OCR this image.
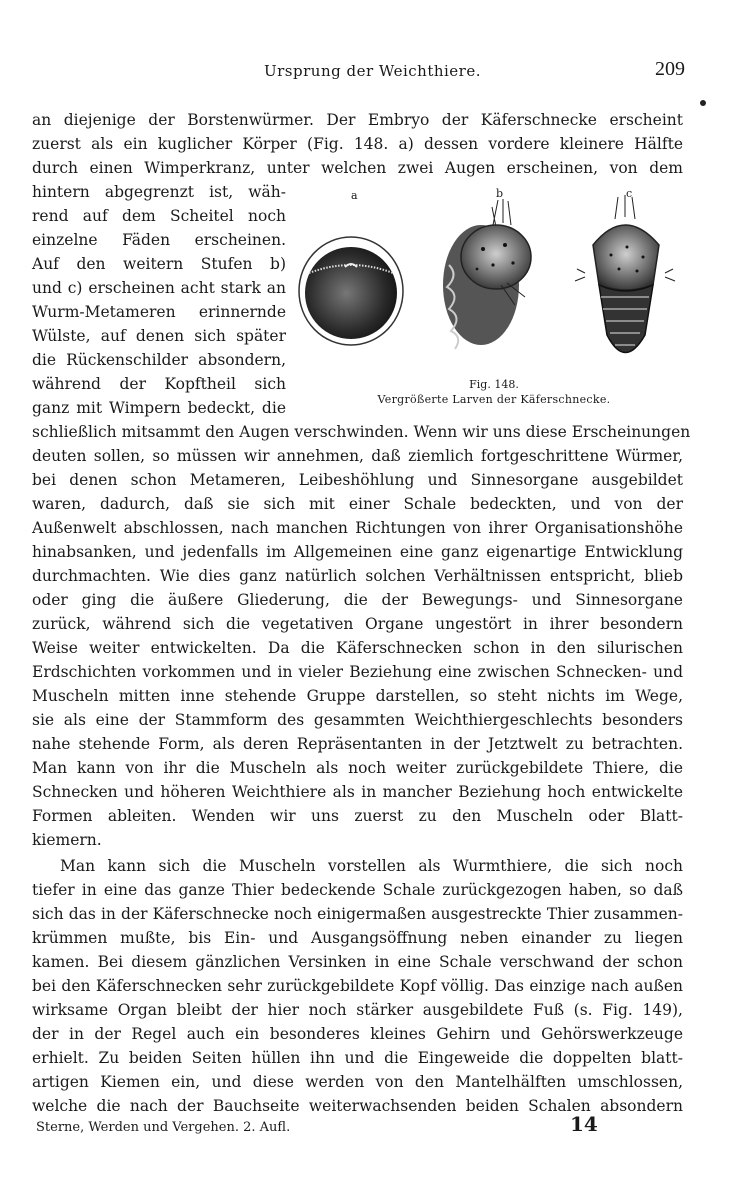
Ursprung der Weichthiere.	209
an diejenige der Borstenwürmer. Der Embryo der Käferschnecke erscheint
zuerst als ein kuglicher Körper (Fig. 148. a) dessen vordere kleinere Hälfte
durch einen Wimperkranz, unter welchen zwei Augen erscheinen, von dem
hintern abgegrenzt ist, wäh-
rend auf dem Scheitel noch
einzelne Fäden erscheinen.
Auf den weitern Stufen b)
und c) erscheinen acht stark an
Wurm-Metameren erinnernde
Wülste, auf denen sich später
die Rückenschilder absondern,
während der Kopftheil sich
ganz mit Wimpern bedeckt, die
a	b	c
Fig. 148.
Vergrößerte Larven der Käferschnecke.
schließlich mitsammt den Augen verschwinden. Wenn wir uns diese Erscheinungen
deuten sollen, so müssen wir annehmen, daß ziemlich fortgeschrittene Würmer,
bei denen schon Metameren, Leibeshöhlung und Sinnesorgane ausgebildet
waren, dadurch, daß sie sich mit einer Schale bedeckten, und von der
Außenwelt abschlossen, nach manchen Richtungen von ihrer Organisationshöhe
hinabsanken, und jedenfalls im Allgemeinen eine ganz eigenartige Entwicklung
durchmachten. Wie dies ganz natürlich solchen Verhältnissen entspricht, blieb
oder ging die äußere Gliederung, die der Bewegungs- und Sinnesorgane
zurück, während sich die vegetativen Organe ungestört in ihrer besondern
Weise weiter entwickelten. Da die Käferschnecken schon in den silurischen
Erdschichten vorkommen und in vieler Beziehung eine zwischen Schnecken- und
Muscheln mitten inne stehende Gruppe darstellen, so steht nichts im Wege,
sie als eine der Stammform des gesammten Weichthiergeschlechts besonders
nahe stehende Form, als deren Repräsentanten in der Jetztwelt zu betrachten.
Man kann von ihr die Muscheln als noch weiter zurückgebildete Thiere, die
Schnecken und höheren Weichthiere als in mancher Beziehung hoch entwickelte
Formen ableiten. Wenden wir uns zuerst zu den Muscheln oder Blatt-
kiemern.
Man kann sich die Muscheln vorstellen als Wurmthiere, die sich noch
tiefer in eine das ganze Thier bedeckende Schale zurückgezogen haben, so daß
sich das in der Käferschnecke noch einigermaßen ausgestreckte Thier zusammen-
krümmen mußte, bis Ein- und Ausgangsöffnung neben einander zu liegen
kamen. Bei diesem gänzlichen Versinken in eine Schale verschwand der schon
bei den Käferschnecken sehr zurückgebildete Kopf völlig. Das einzige nach außen
wirksame Organ bleibt der hier noch stärker ausgebildete Fuß (s. Fig. 149),
der in der Regel auch ein besonderes kleines Gehirn und Gehörswerkzeuge
erhielt. Zu beiden Seiten hüllen ihn und die Eingeweide die doppelten blatt-
artigen Kiemen ein, und diese werden von den Mantelhälften umschlossen,
welche die nach der Bauchseite weiterwachsenden beiden Schalen absondern
Sterne, Werden und Vergehen. 2. Aufl.	14
